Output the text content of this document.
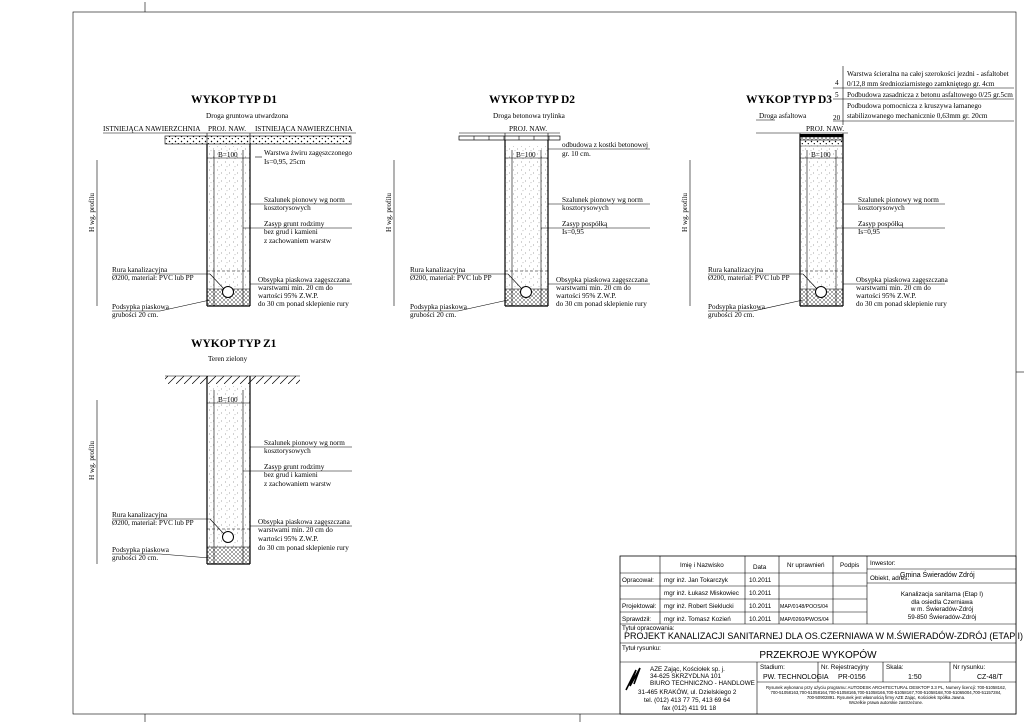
WYKOP TYP D1
Droga gruntowa utwardzona
ISTNIEJĄCA NAWIERZCHNIA PROJ. NAW. ISTNIEJĄCA NAWIERZCHNIA
B=100
H wg. profilu
Warstwa żwiru zagęszczonego
Is=0,95, 25cm
Szalunek pionowy wg norm
kosztorysowych
Zasyp grunt rodzimy
bez grud i kamieni
z zachowaniem warstw
Rura kanalizacyjna
Ø200, materiał: PVC lub PP	Obsypka piaskowa zagęszczana
warstwami min. 20 cm do
wartości 95% Z.W.P.
do 30 cm ponad sklepienie rury
Podsypka piaskowa
grubości 20 cm.
WYKOP TYP D2
Droga betonowa trylinka
PROJ. NAW.
B=100
H wg. profilu
odbudowa z kostki betonowej
gr. 10 cm.
Szalunek pionowy wg norm
kosztorysowych
Zasyp pospółką
Is=0,95
Rura kanalizacyjna
Ø200, materiał: PVC lub PP	Obsypka piaskowa zagęszczana
warstwami min. 20 cm do
wartości 95% Z.W.P.
do 30 cm ponad sklepienie rury
Podsypka piaskowa
grubości 20 cm.
WYKOP TYP D3
Droga asfaltowa
PROJ. NAW.
B=100
H wg. profilu
4
Warstwa ścieralna na całej szerokości jezdni - asfaltobet
0/12,8 mm średnioziarnistego zamkniętego gr. 4cm
5 Podbudowa zasadnicza z betonu asfaltowego 0/25 gr.5cm
20
Podbudowa pomocnicza z kruszywa łamanego
stabilizowanego mechanicznie 0,63mm gr. 20cm
Szalunek pionowy wg norm
kosztorysowych
Zasyp pospółką
Is=0,95
Rura kanalizacyjna
Ø200, materiał: PVC lub PP	Obsypka piaskowa zagęszczana
warstwami min. 20 cm do
wartości 95% Z.W.P.
do 30 cm ponad sklepienie rury
Podsypka piaskowa
grubości 20 cm.
WYKOP TYP Z1
Teren zielony
B=100
H wg. profilu	Szalunek pionowy wg norm
kosztorysowych
Zasyp grunt rodzimy
bez grud i kamieni
z zachowaniem warstw
Rura kanalizacyjna
Ø200, materiał: PVC lub PP	Obsypka piaskowa zagęszczana
warstwami min. 20 cm do
wartości 95% Z.W.P.
do 30 cm ponad sklepienie rury
Podsypka piaskowa
grubości 20 cm.
Imię i Nazwisko	Data	Nr uprawnień Podpis
Opracował: mgr inż. Jan Tokarczyk	10.2011
mgr inż. Łukasz Miskowiec 10.2011
Projektował: mgr inż. Robert Sieklucki 10.2011 MAP/0148/POOS/04
Sprawdził: mgr inż. Tomasz Kozień	10.2011 MAP/0260/PWOS/04
Inwestor:
Gmina Świeradów Zdrój
Obiekt, adres:
Kanalizacja sanitarna (Etap I)
dla osiedla Czerniawa
w m. Świeradów-Zdrój
59-850 Świeradów-Zdrój
Tytuł opracowania:
PROJEKT KANALIZACJI SANITARNEJ DLA OS.CZERNIAWA W M.ŚWIERADÓW-ZDRÓJ (ETAP I)
Tytuł rysunku:
PRZEKROJE WYKOPÓW
AZE Zając, Kościołek sp. j.
34-625 SKRZYDLNA 101
BIURO TECHNICZNO - HANDLOWE
31-465 KRAKÓW, ul. Dzielskiego 2
tel. (012) 413 77 75, 413 69 64
fax (012) 411 91 18
Stadium:
PW. TECHNOLOGIA
Nr. Rejestracyjny
PR-0156
Skala:
1:50
Nr rysunku:
CZ-48/T
Rysunek wykonano przy użyciu programu: AUTODESK ARCHITECTURAL DESKTOP 3.3 PL, Numery licencji: 700-51058162,
700-51058163,700-51058164,700-51058165,700-51058166,700-51058167,700-51058168,700-51065004,700-51157284,
700-50902891. Rysunek jest własnością firmy AZE Zając, Kościołek Spółka Jawna.
Wszelkie prawa autorskie zastrzeżone.
